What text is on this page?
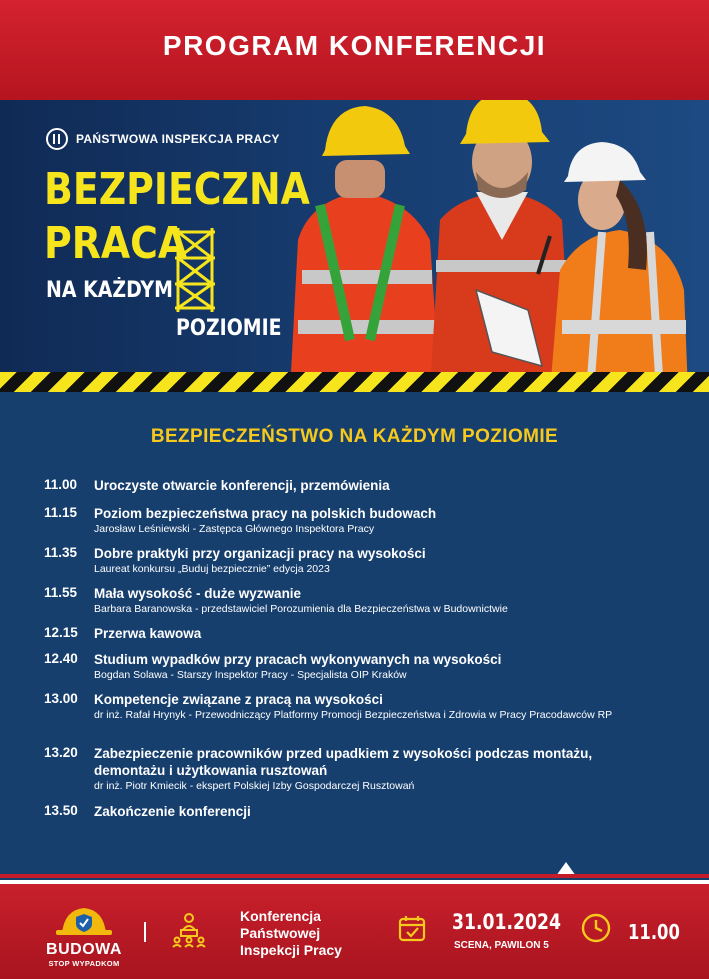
PROGRAM KONFERENCJI
PAŃSTWOWA INSPEKCJA PRACY
BEZPIECZNA
PRACA
NA KAŻDYM
POZIOMIE
BEZPIECZEŃSTWO NA KAŻDYM POZIOMIE
11.00	Uroczyste otwarcie konferencji, przemówienia
11.15	Poziom bezpieczeństwa pracy na polskich budowach
Jarosław Leśniewski - Zastępca Głównego Inspektora Pracy
11.35	Dobre praktyki przy organizacji pracy na wysokości
Laureat konkursu „Buduj bezpiecznie” edycja 2023
11.55	Mała wysokość - duże wyzwanie
Barbara Baranowska - przedstawiciel Porozumienia dla Bezpieczeństwa w Budownictwie
12.15	Przerwa kawowa
12.40	Studium wypadków przy pracach wykonywanych na wysokości
Bogdan Solawa - Starszy Inspektor Pracy - Specjalista OIP Kraków
13.00	Kompetencje związane z pracą na wysokości
dr inż. Rafał Hrynyk - Przewodniczący Platformy Promocji Bezpieczeństwa i Zdrowia w Pracy Pracodawców RP
13.20	Zabezpieczenie pracowników przed upadkiem z wysokości podczas montażu, demontażu i użytkowania rusztowań
dr inż. Piotr Kmiecik - ekspert Polskiej Izby Gospodarczej Rusztowań
13.50	Zakończenie konferencji
BUDOWA
STOP WYPADKOM
Konferencja
Państwowej
Inspekcji Pracy
31.01.2024
SCENA, PAWILON 5
11.00
